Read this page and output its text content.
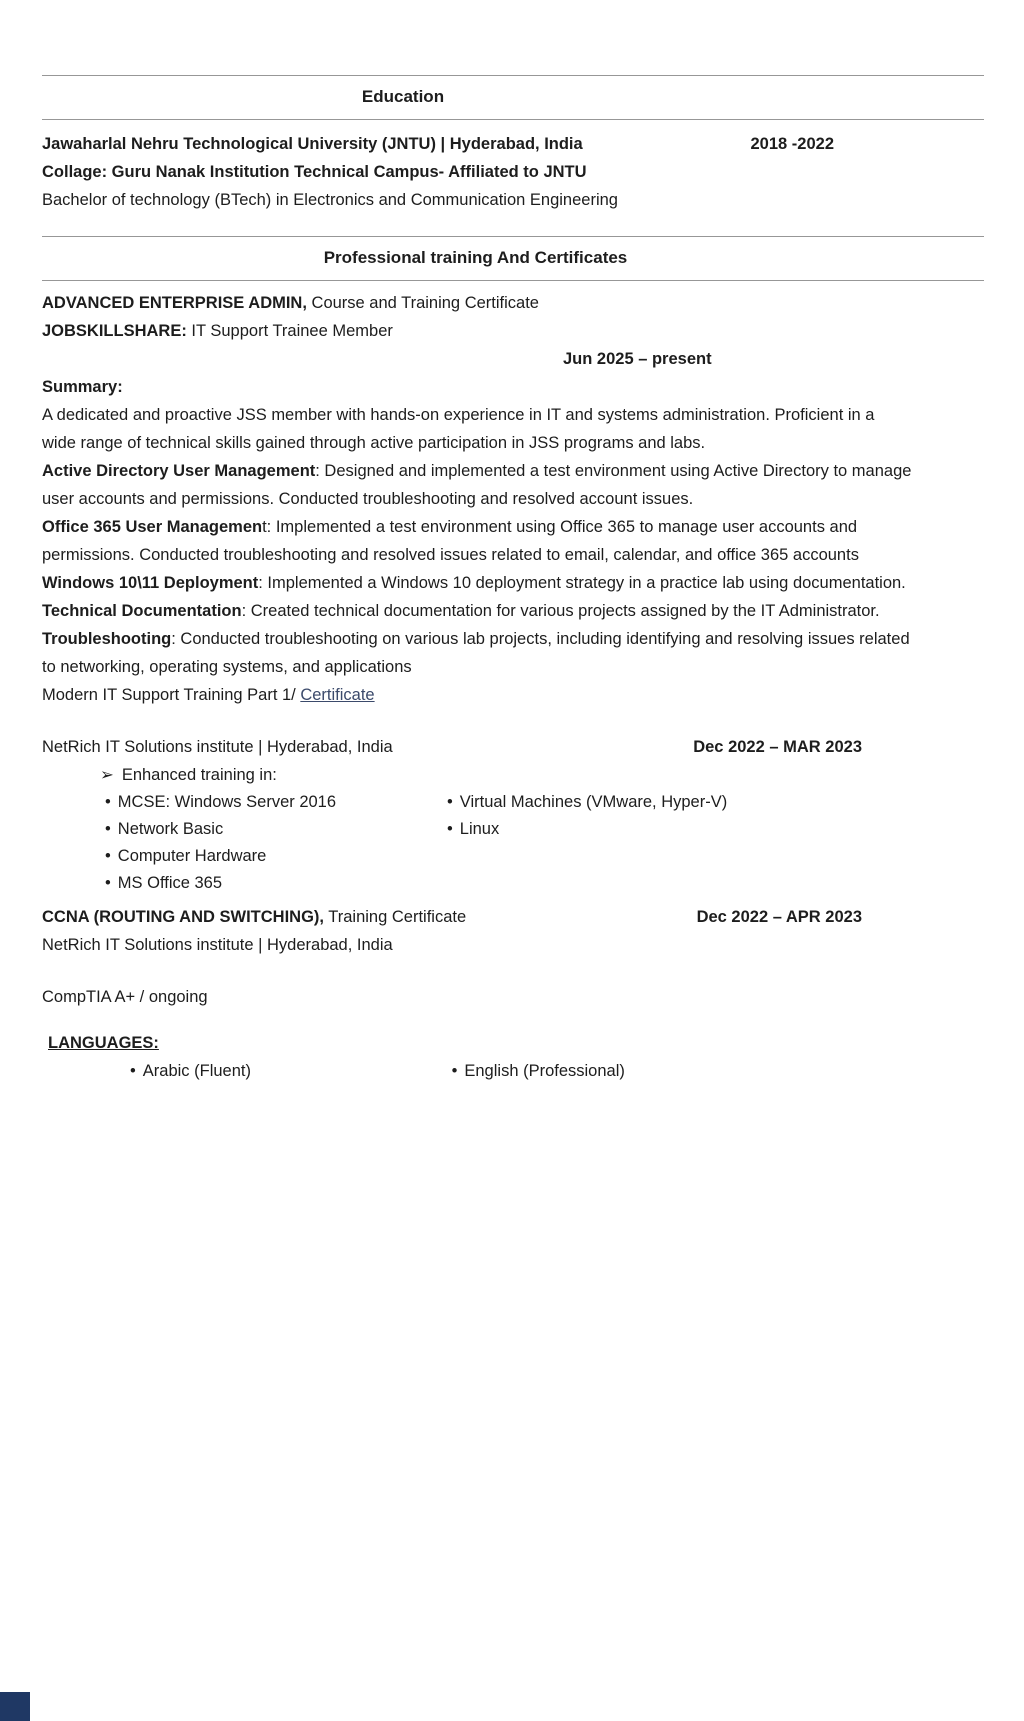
Education
Jawaharlal Nehru Technological University (JNTU) | Hyderabad, India	2018 -2022

Collage: Guru Nanak Institution Technical Campus- Affiliated to JNTU

Bachelor of technology (BTech) in Electronics and Communication Engineering

Professional training And Certificates

ADVANCED ENTERPRISE ADMIN, Course and Training Certificate

JOBSKILLSHARE: IT Support Trainee Member

Jun 2025 – present

Summary:

A dedicated and proactive JSS member with hands-on experience in IT and systems administration. Proficient in a wide range of technical skills gained through active participation in JSS programs and labs.

Active Directory User Management: Designed and implemented a test environment using Active Directory to manage user accounts and permissions. Conducted troubleshooting and resolved account issues.

Office 365 User Management: Implemented a test environment using Office 365 to manage user accounts and permissions. Conducted troubleshooting and resolved issues related to email, calendar, and office 365 accounts

Windows 10\11 Deployment: Implemented a Windows 10 deployment strategy in a practice lab using documentation.

Technical Documentation: Created technical documentation for various projects assigned by the IT Administrator.

Troubleshooting: Conducted troubleshooting on various lab projects, including identifying and resolving issues related to networking, operating systems, and applications

Modern IT Support Training Part 1/ Certificate

NetRich IT Solutions institute | Hyderabad, India	Dec 2022 – MAR 2023

➢ Enhanced training in:

• MCSE: Windows Server 2016
• Network Basic
• Computer Hardware
• MS Office 365
• Virtual Machines (VMware, Hyper-V)
• Linux
CCNA (ROUTING AND SWITCHING), Training Certificate	Dec 2022 – APR 2023

NetRich IT Solutions institute | Hyderabad, India

CompTIA A+ / ongoing

LANGUAGES:
• Arabic (Fluent)	• English (Professional)
